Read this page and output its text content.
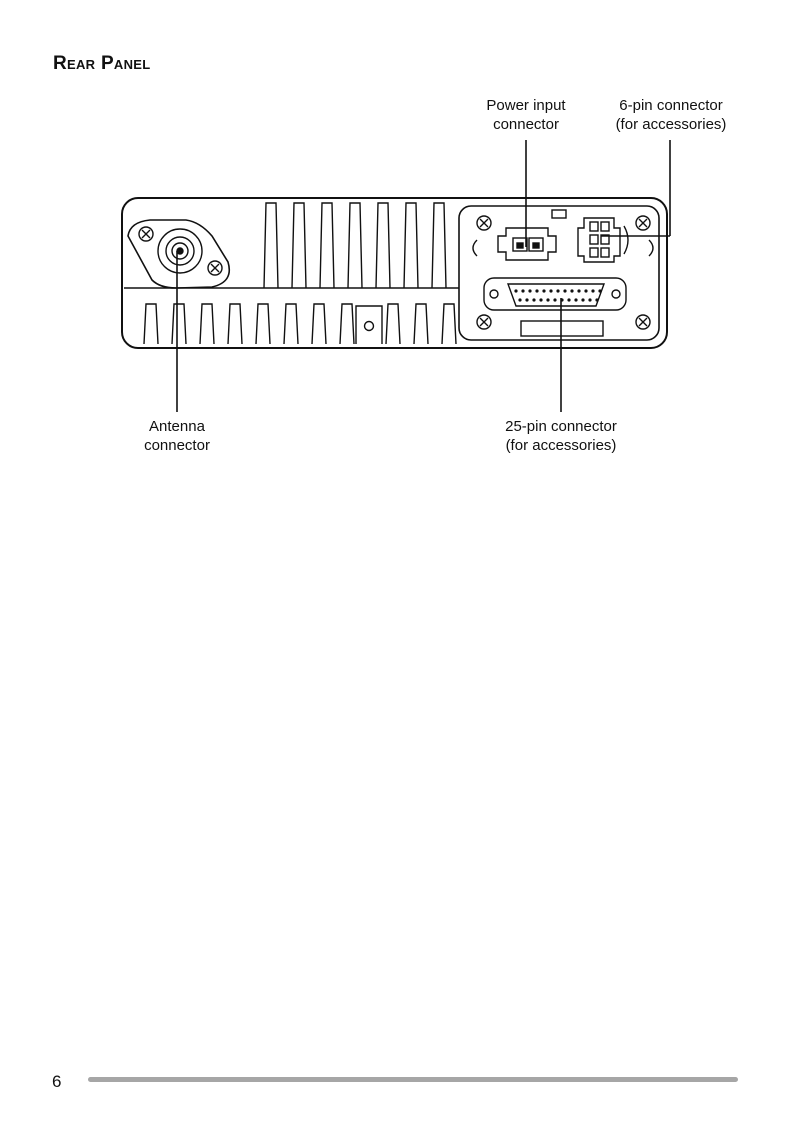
Rear Panel
Power input
connector
6-pin connector
(for accessories)
Antenna
connector
25-pin connector
(for accessories)
6
